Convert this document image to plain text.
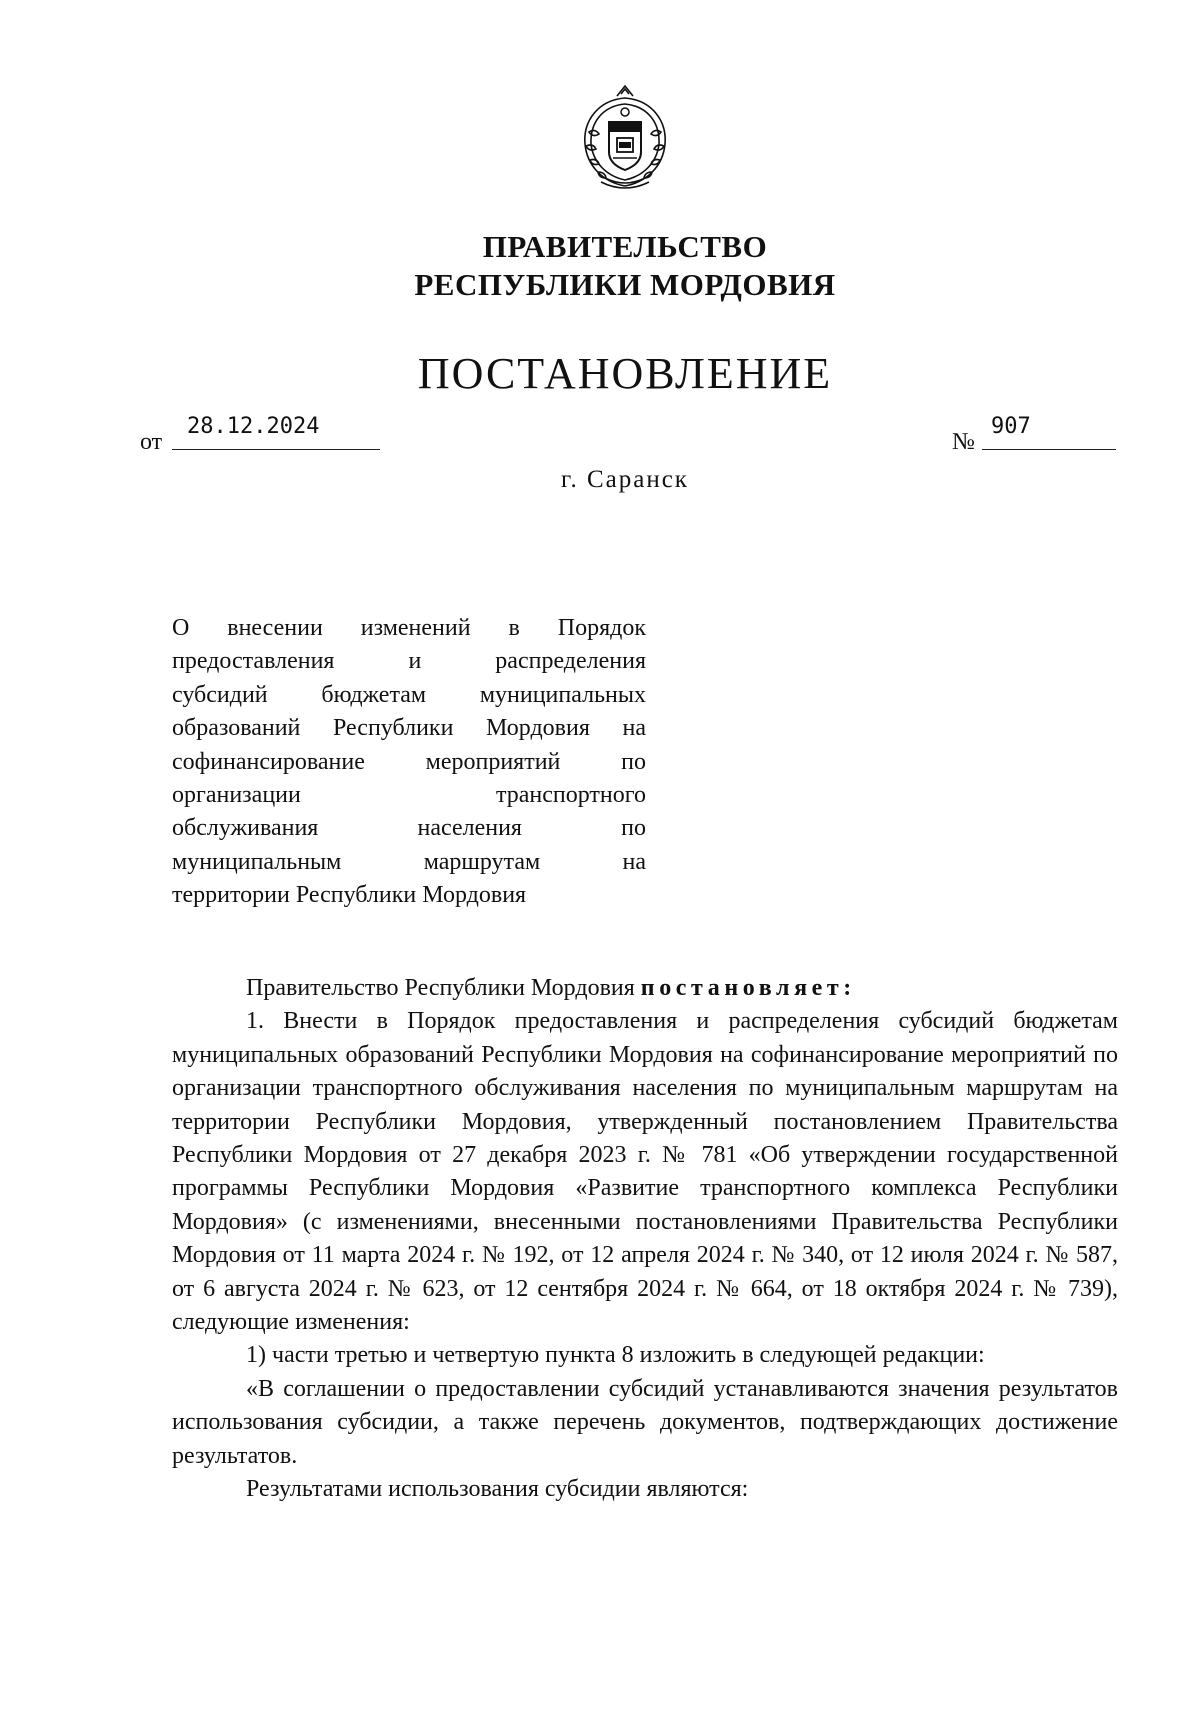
ПРАВИТЕЛЬСТВО
РЕСПУБЛИКИ МОРДОВИЯ
ПОСТАНОВЛЕНИЕ
от
28.12.2024
№
907
г. Саранск
О внесении изменений в Порядок
предоставления и распределения
субсидий бюджетам муниципальных
образований Республики Мордовия на
софинансирование мероприятий по
организации транспортного
обслуживания населения по
муниципальным маршрутам на
территории Республики Мордовия

Правительство Республики Мордовия постановляет:

1. Внести в Порядок предоставления и распределения субсидий бюджетам муниципальных образований Республики Мордовия на софинансирование мероприятий по организации транспортного обслуживания населения по муниципальным маршрутам на территории Республики Мордовия, утвержденный постановлением Правительства Республики Мордовия от 27 декабря 2023 г. № 781 «Об утверждении государственной программы Республики Мордовия «Развитие транспортного комплекса Республики Мордовия» (с изменениями, внесенными постановлениями Правительства Республики Мордовия от 11 марта 2024 г. № 192, от 12 апреля 2024 г. № 340, от 12 июля 2024 г. № 587, от 6 августа 2024 г. № 623, от 12 сентября 2024 г. № 664, от 18 октября 2024 г. № 739), следующие изменения:

1) части третью и четвертую пункта 8 изложить в следующей редакции:

«В соглашении о предоставлении субсидий устанавливаются значения результатов использования субсидии, а также перечень документов, подтверждающих достижение результатов.

Результатами использования субсидии являются:
